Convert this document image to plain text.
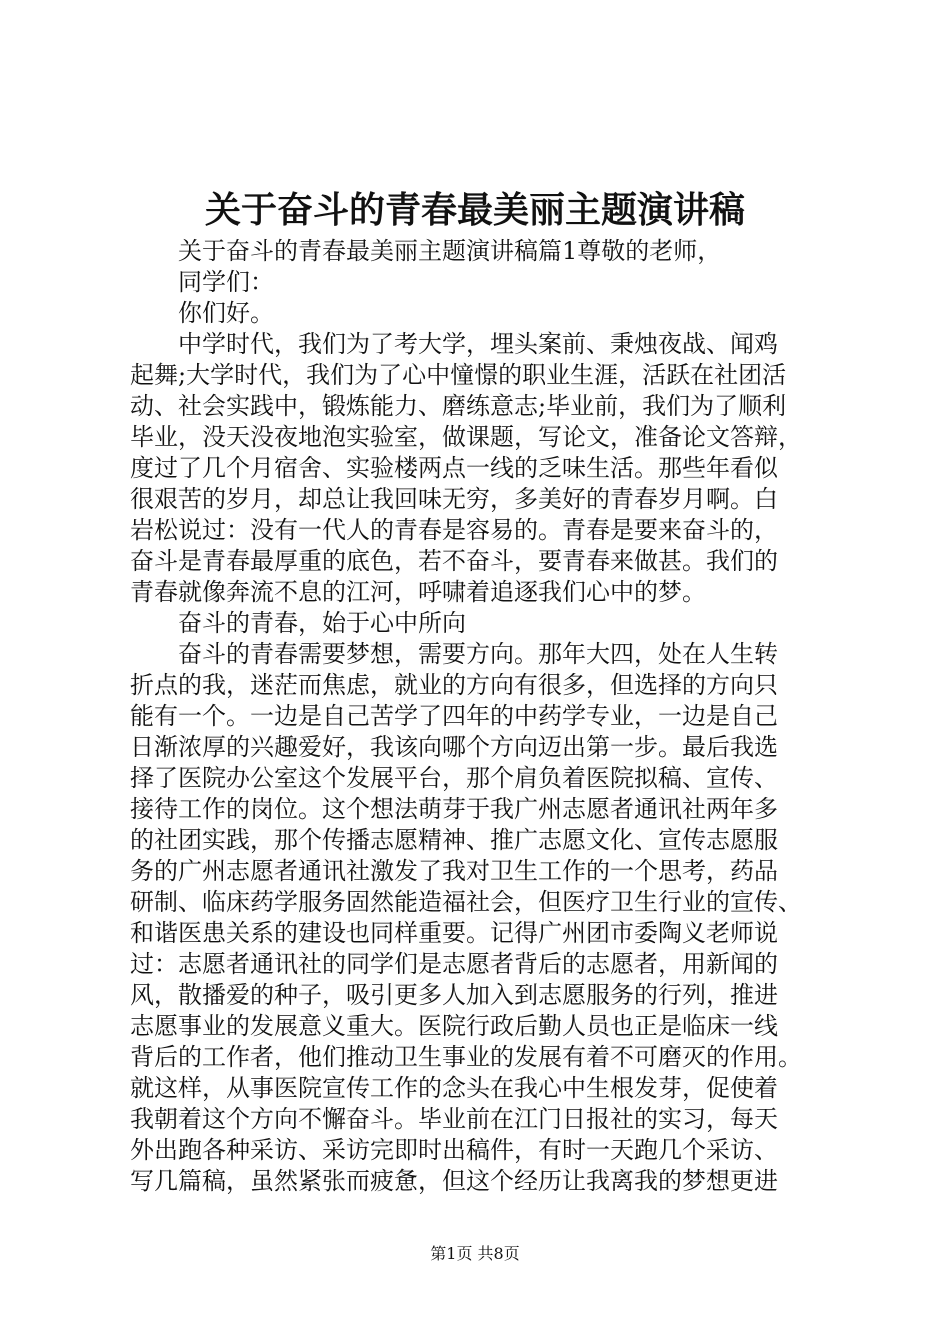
关于奋斗的青春最美丽主题演讲稿
关于奋斗的青春最美丽主题演讲稿篇1尊敬的老师，
同学们：
你们好。
中学时代，我们为了考大学，埋头案前、秉烛夜战、闻鸡
起舞;大学时代，我们为了心中憧憬的职业生涯，活跃在社团活
动、社会实践中，锻炼能力、磨练意志;毕业前，我们为了顺利
毕业，没天没夜地泡实验室，做课题，写论文，准备论文答辩，
度过了几个月宿舍、实验楼两点一线的乏味生活。那些年看似
很艰苦的岁月，却总让我回味无穷，多美好的青春岁月啊。白
岩松说过：没有一代人的青春是容易的。青春是要来奋斗的，
奋斗是青春最厚重的底色，若不奋斗，要青春来做甚。我们的
青春就像奔流不息的江河，呼啸着追逐我们心中的梦。
奋斗的青春，始于心中所向
奋斗的青春需要梦想，需要方向。那年大四，处在人生转
折点的我，迷茫而焦虑，就业的方向有很多，但选择的方向只
能有一个。一边是自己苦学了四年的中药学专业，一边是自己
日渐浓厚的兴趣爱好，我该向哪个方向迈出第一步。最后我选
择了医院办公室这个发展平台，那个肩负着医院拟稿、宣传、
接待工作的岗位。这个想法萌芽于我广州志愿者通讯社两年多
的社团实践，那个传播志愿精神、推广志愿文化、宣传志愿服
务的广州志愿者通讯社激发了我对卫生工作的一个思考，药品
研制、临床药学服务固然能造福社会，但医疗卫生行业的宣传、
和谐医患关系的建设也同样重要。记得广州团市委陶义老师说
过：志愿者通讯社的同学们是志愿者背后的志愿者，用新闻的
风，散播爱的种子，吸引更多人加入到志愿服务的行列，推进
志愿事业的发展意义重大。医院行政后勤人员也正是临床一线
背后的工作者，他们推动卫生事业的发展有着不可磨灭的作用。
就这样，从事医院宣传工作的念头在我心中生根发芽，促使着
我朝着这个方向不懈奋斗。毕业前在江门日报社的实习，每天
外出跑各种采访、采访完即时出稿件，有时一天跑几个采访、
写几篇稿，虽然紧张而疲惫，但这个经历让我离我的梦想更进
第1页 共8页
